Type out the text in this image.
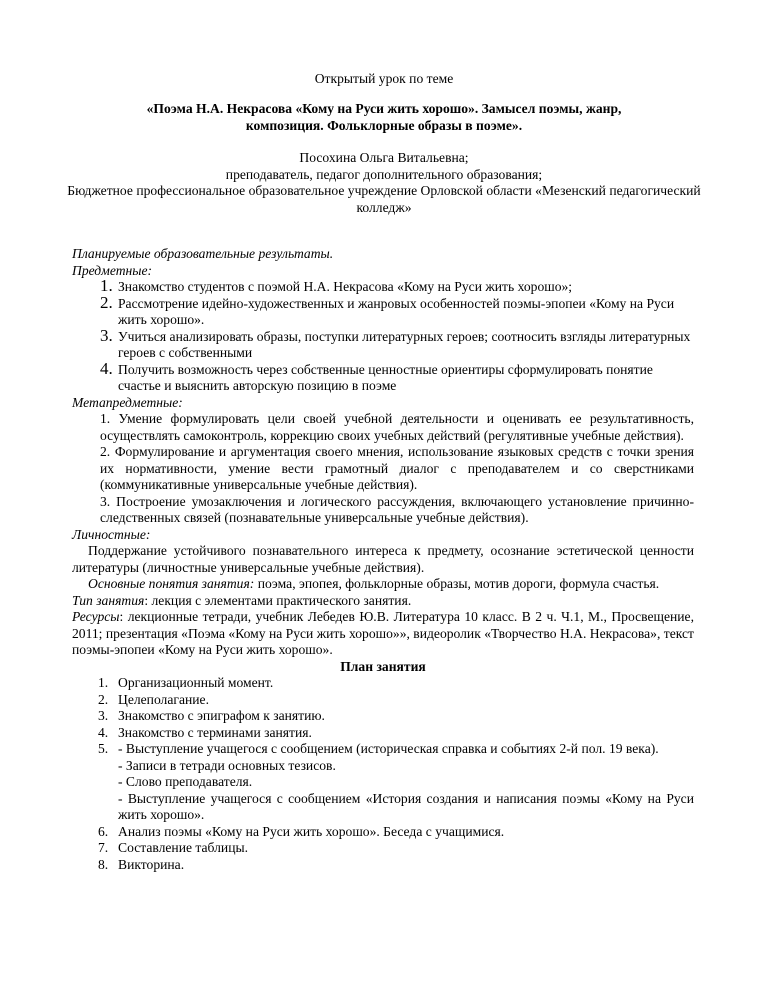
Открытый урок по теме
«Поэма Н.А. Некрасова «Кому на Руси жить хорошо». Замысел поэмы, жанр, композиция. Фольклорные образы в поэме».
Посохина Ольга Витальевна;
преподаватель, педагог дополнительного образования;
Бюджетное профессиональное образовательное учреждение Орловской области «Мезенский педагогический колледж»
Планируемые образовательные результаты.
Предметные:
1. Знакомство студентов с поэмой Н.А. Некрасова «Кому на Руси жить хорошо»;
2. Рассмотрение идейно-художественных и жанровых особенностей поэмы-эпопеи «Кому на Руси жить хорошо».
3. Учиться анализировать образы, поступки литературных героев; соотносить взгляды литературных героев с собственными
4. Получить возможность через собственные ценностные ориентиры сформулировать понятие счастье и выяснить авторскую позицию в поэме
Метапредметные:
1. Умение формулировать цели своей учебной деятельности и оценивать ее результативность, осуществлять самоконтроль, коррекцию своих учебных действий (регулятивные учебные действия).
2. Формулирование и аргументация своего мнения, использование языковых средств с точки зрения их нормативности, умение вести грамотный диалог с преподавателем и со сверстниками (коммуникативные универсальные учебные действия).
3. Построение умозаключения и логического рассуждения, включающего установление причинно-следственных связей (познавательные универсальные учебные действия).
Личностные:
Поддержание устойчивого познавательного интереса к предмету, осознание эстетической ценности литературы (личностные универсальные учебные действия).
Основные понятия занятия: поэма, эпопея, фольклорные образы, мотив дороги, формула счастья.
Тип занятия: лекция с элементами практического занятия.
Ресурсы: лекционные тетради, учебник Лебедев Ю.В. Литература 10 класс. В 2 ч. Ч.1, М., Просвещение, 2011; презентация «Поэма «Кому на Руси жить хорошо»», видеоролик «Творчество Н.А. Некрасова», текст поэмы-эпопеи «Кому на Руси жить хорошо».
План занятия
1. Организационный момент.
2. Целеполагание.
3. Знакомство с эпиграфом к занятию.
4. Знакомство с терминами занятия.
5. - Выступление учащегося с сообщением (историческая справка и событиях 2-й пол. 19 века).
- Записи в тетради основных тезисов.
- Слово преподавателя.
- Выступление учащегося с сообщением «История создания и написания поэмы «Кому на Руси жить хорошо».
6. Анализ поэмы «Кому на Руси жить хорошо». Беседа с учащимися.
7. Составление таблицы.
8. Викторина.
